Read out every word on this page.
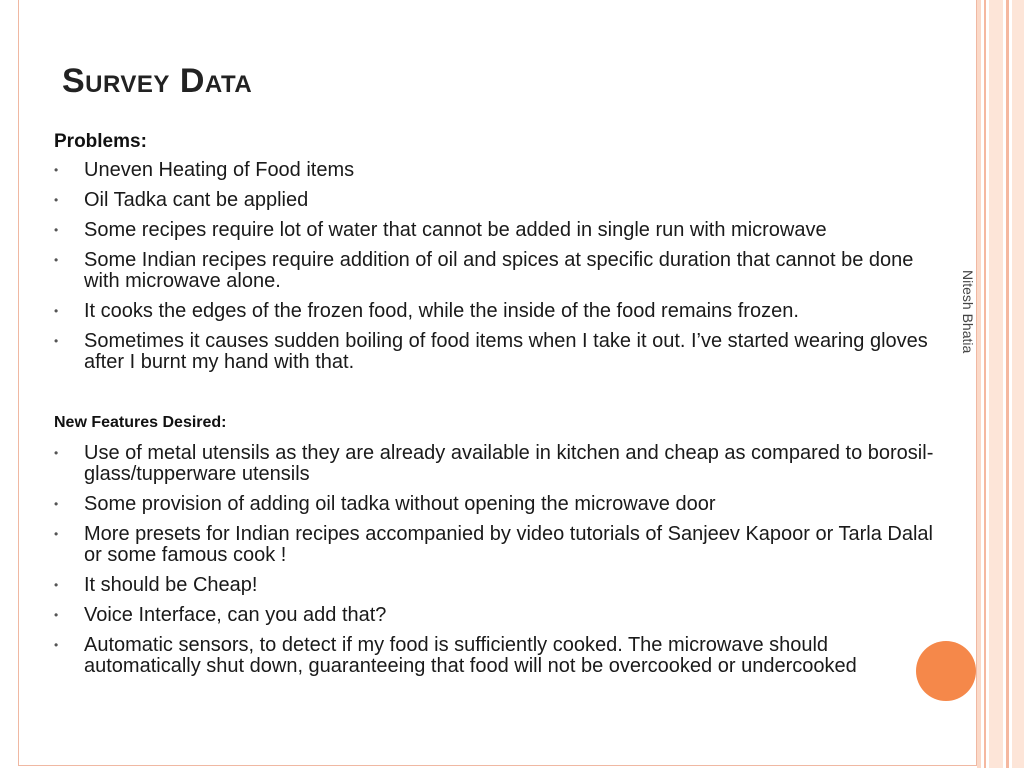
Survey Data
Problems:
• Uneven Heating of Food items
• Oil Tadka cant be applied
• Some recipes require lot of water that cannot be added in single run with microwave
• Some Indian recipes require addition of oil and spices at specific duration that cannot be done with microwave alone.
• It cooks the edges of the frozen food, while the inside of the food remains frozen.
• Sometimes it causes sudden boiling of food items when I take it out. I’ve started wearing gloves after I burnt my hand with that.
New Features Desired:
• Use of metal utensils as they are already available in kitchen and cheap as compared to borosil-glass/tupperware utensils
• Some provision of adding oil tadka without opening the microwave door
• More presets for Indian recipes accompanied by video tutorials of Sanjeev Kapoor or Tarla Dalal or some famous cook !
• It should be Cheap!
• Voice Interface, can you add that?
• Automatic sensors, to detect if my food is sufficiently cooked. The microwave should automatically shut down, guaranteeing that food will not be overcooked or undercooked
Nitesh Bhatia
